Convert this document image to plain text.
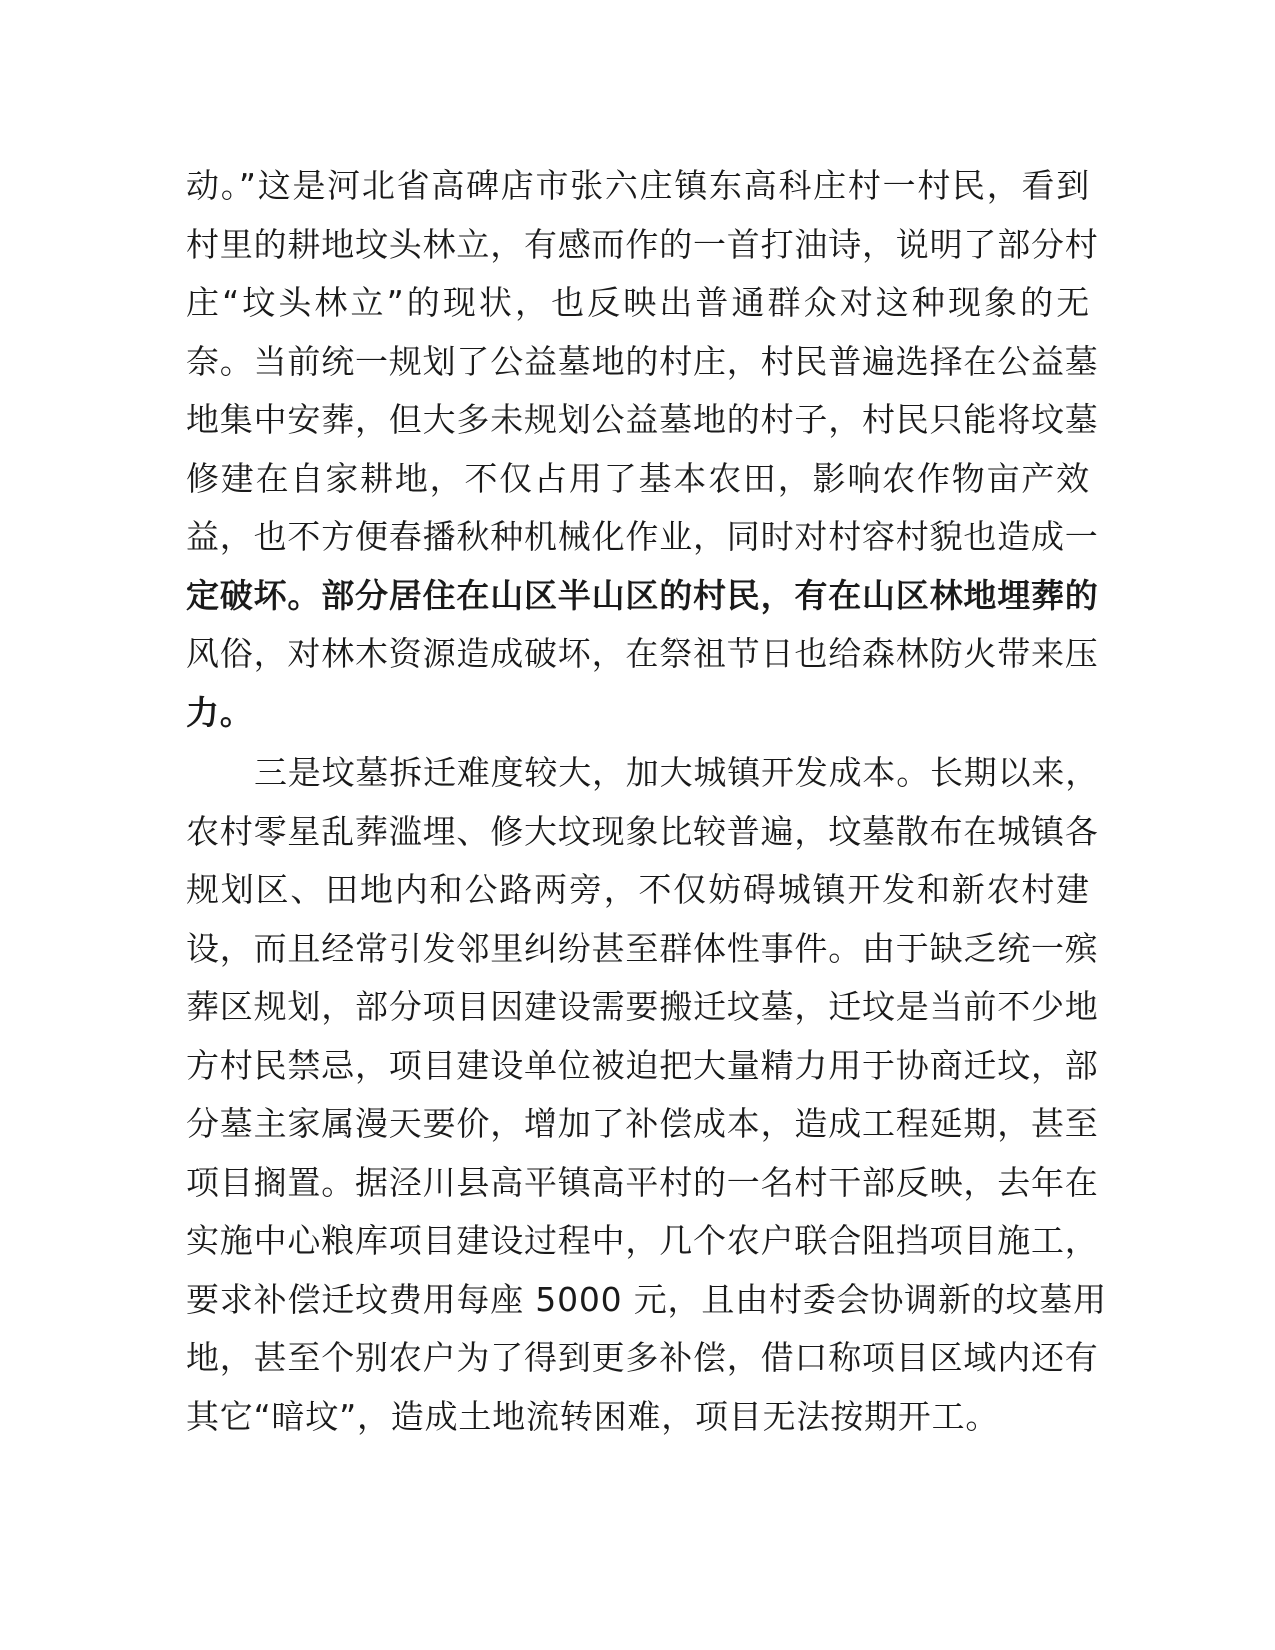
动。”这是河北省高碑店市张六庄镇东高科庄村一村民，看到
村里的耕地坟头林立，有感而作的一首打油诗，说明了部分村
庄“坟头林立”的现状，也反映出普通群众对这种现象的无
奈。当前统一规划了公益墓地的村庄，村民普遍选择在公益墓
地集中安葬，但大多未规划公益墓地的村子，村民只能将坟墓
修建在自家耕地，不仅占用了基本农田，影响农作物亩产效
益，也不方便春播秋种机械化作业，同时对村容村貌也造成一
定破坏。部分居住在山区半山区的村民，有在山区林地埋葬的
风俗，对林木资源造成破坏，在祭祖节日也给森林防火带来压
力。
三是坟墓拆迁难度较大，加大城镇开发成本。长期以来，
农村零星乱葬滥埋、修大坟现象比较普遍，坟墓散布在城镇各
规划区、田地内和公路两旁，不仅妨碍城镇开发和新农村建
设，而且经常引发邻里纠纷甚至群体性事件。由于缺乏统一殡
葬区规划，部分项目因建设需要搬迁坟墓，迁坟是当前不少地
方村民禁忌，项目建设单位被迫把大量精力用于协商迁坟，部
分墓主家属漫天要价，增加了补偿成本，造成工程延期，甚至
项目搁置。据泾川县高平镇高平村的一名村干部反映，去年在
实施中心粮库项目建设过程中，几个农户联合阻挡项目施工，
要求补偿迁坟费用每座 5000 元，且由村委会协调新的坟墓用
地，甚至个别农户为了得到更多补偿，借口称项目区域内还有
其它“暗坟”，造成土地流转困难，项目无法按期开工。
